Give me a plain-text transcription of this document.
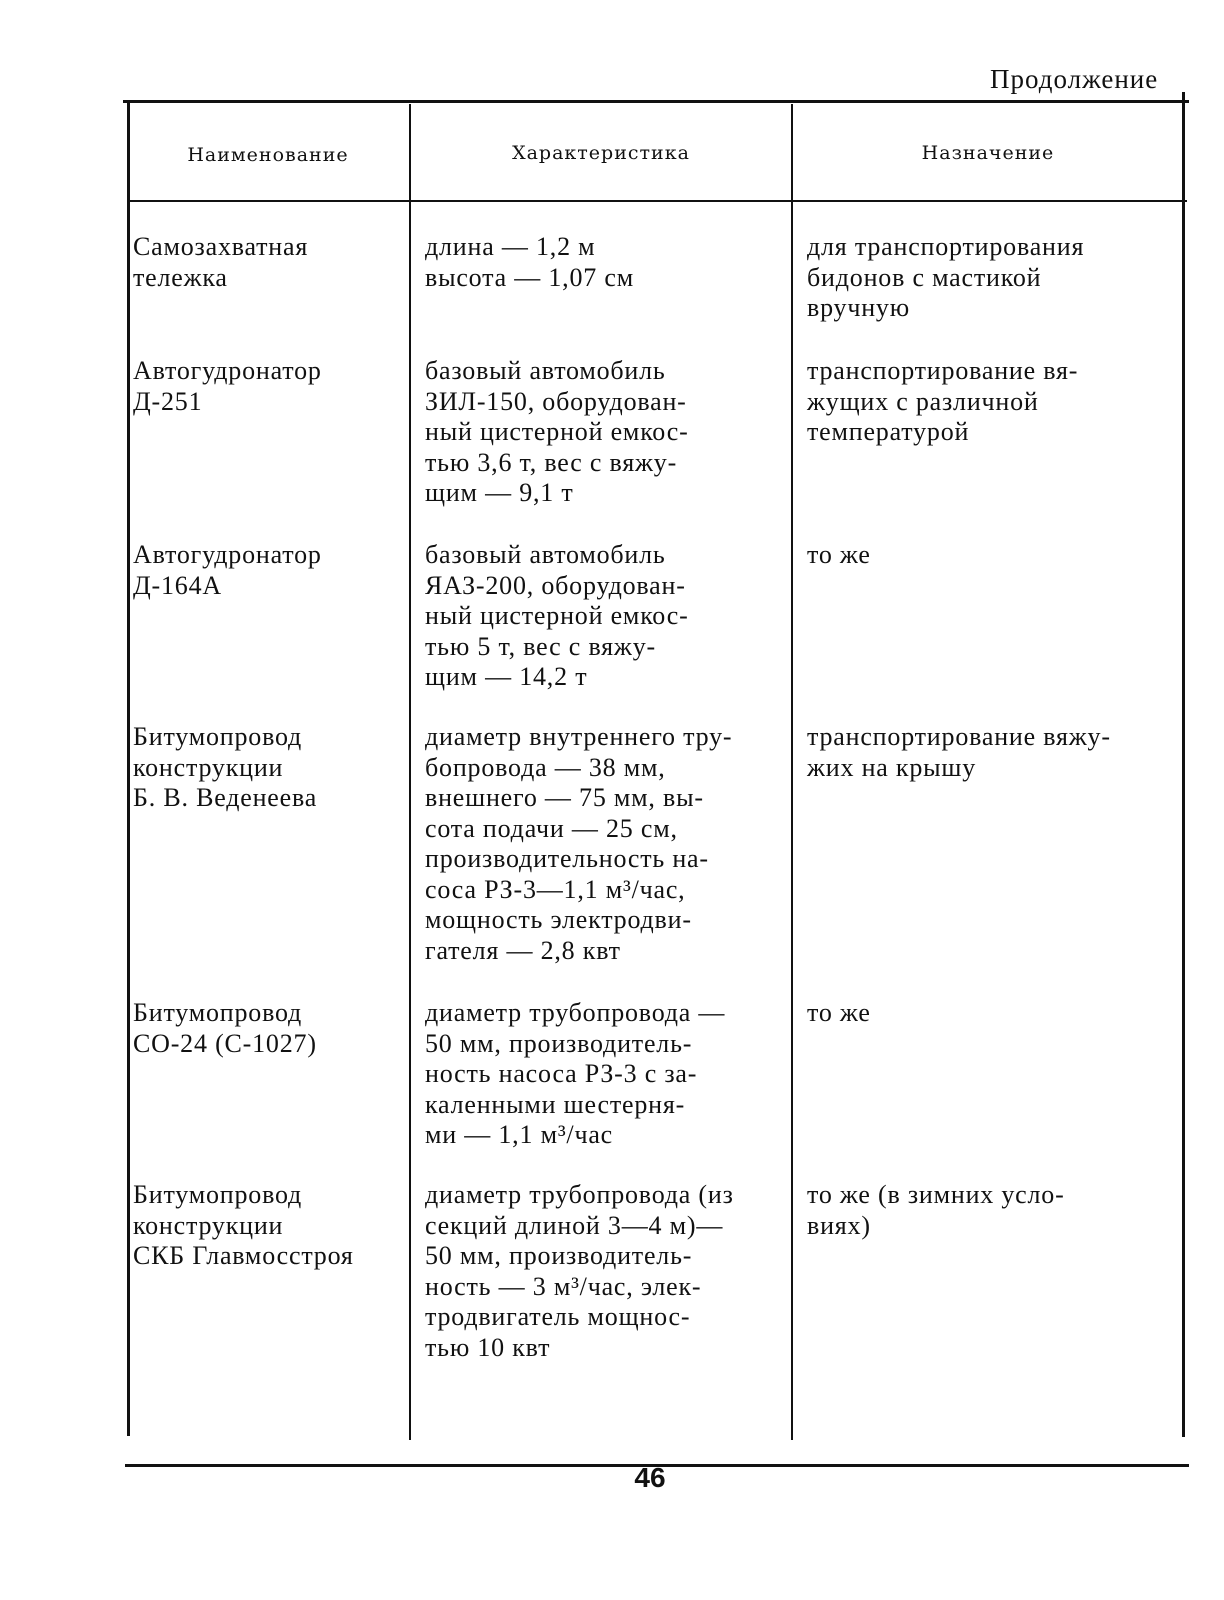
Продолжение
Наименование	Характеристика	Назначение
Самозахватная
тележка
длина — 1,2 м
высота — 1,07 см
для транспортирования
бидонов с мастикой
вручную
Автогудронатор
Д-251
базовый автомобиль
ЗИЛ-150, оборудован-
ный цистерной емкос-
тью 3,6 т, вес с вяжу-
щим — 9,1 т
транспортирование вя-
жущих с различной
температурой
Автогудронатор
Д-164А
базовый автомобиль
ЯАЗ-200, оборудован-
ный цистерной емкос-
тью 5 т, вес с вяжу-
щим — 14,2 т
то же
Битумопровод
конструкции
Б. В. Веденеева
диаметр внутреннего тру-
бопровода — 38 мм,
внешнего — 75 мм, вы-
сота подачи — 25 см,
производительность на-
соса РЗ-3—1,1 м³/час,
мощность электродви-
гателя — 2,8 квт
транспортирование вяжу-
жих на крышу
Битумопровод
СО-24 (С-1027)
диаметр трубопровода —
50 мм, производитель-
ность насоса РЗ-3 с за-
каленными шестерня-
ми — 1,1 м³/час
то же
Битумопровод
конструкции
СКБ Главмосстроя
диаметр трубопровода (из
секций длиной 3—4 м)—
50 мм, производитель-
ность — 3 м³/час, элек-
тродвигатель мощнос-
тью 10 квт
то же (в зимних усло-
виях)
46
